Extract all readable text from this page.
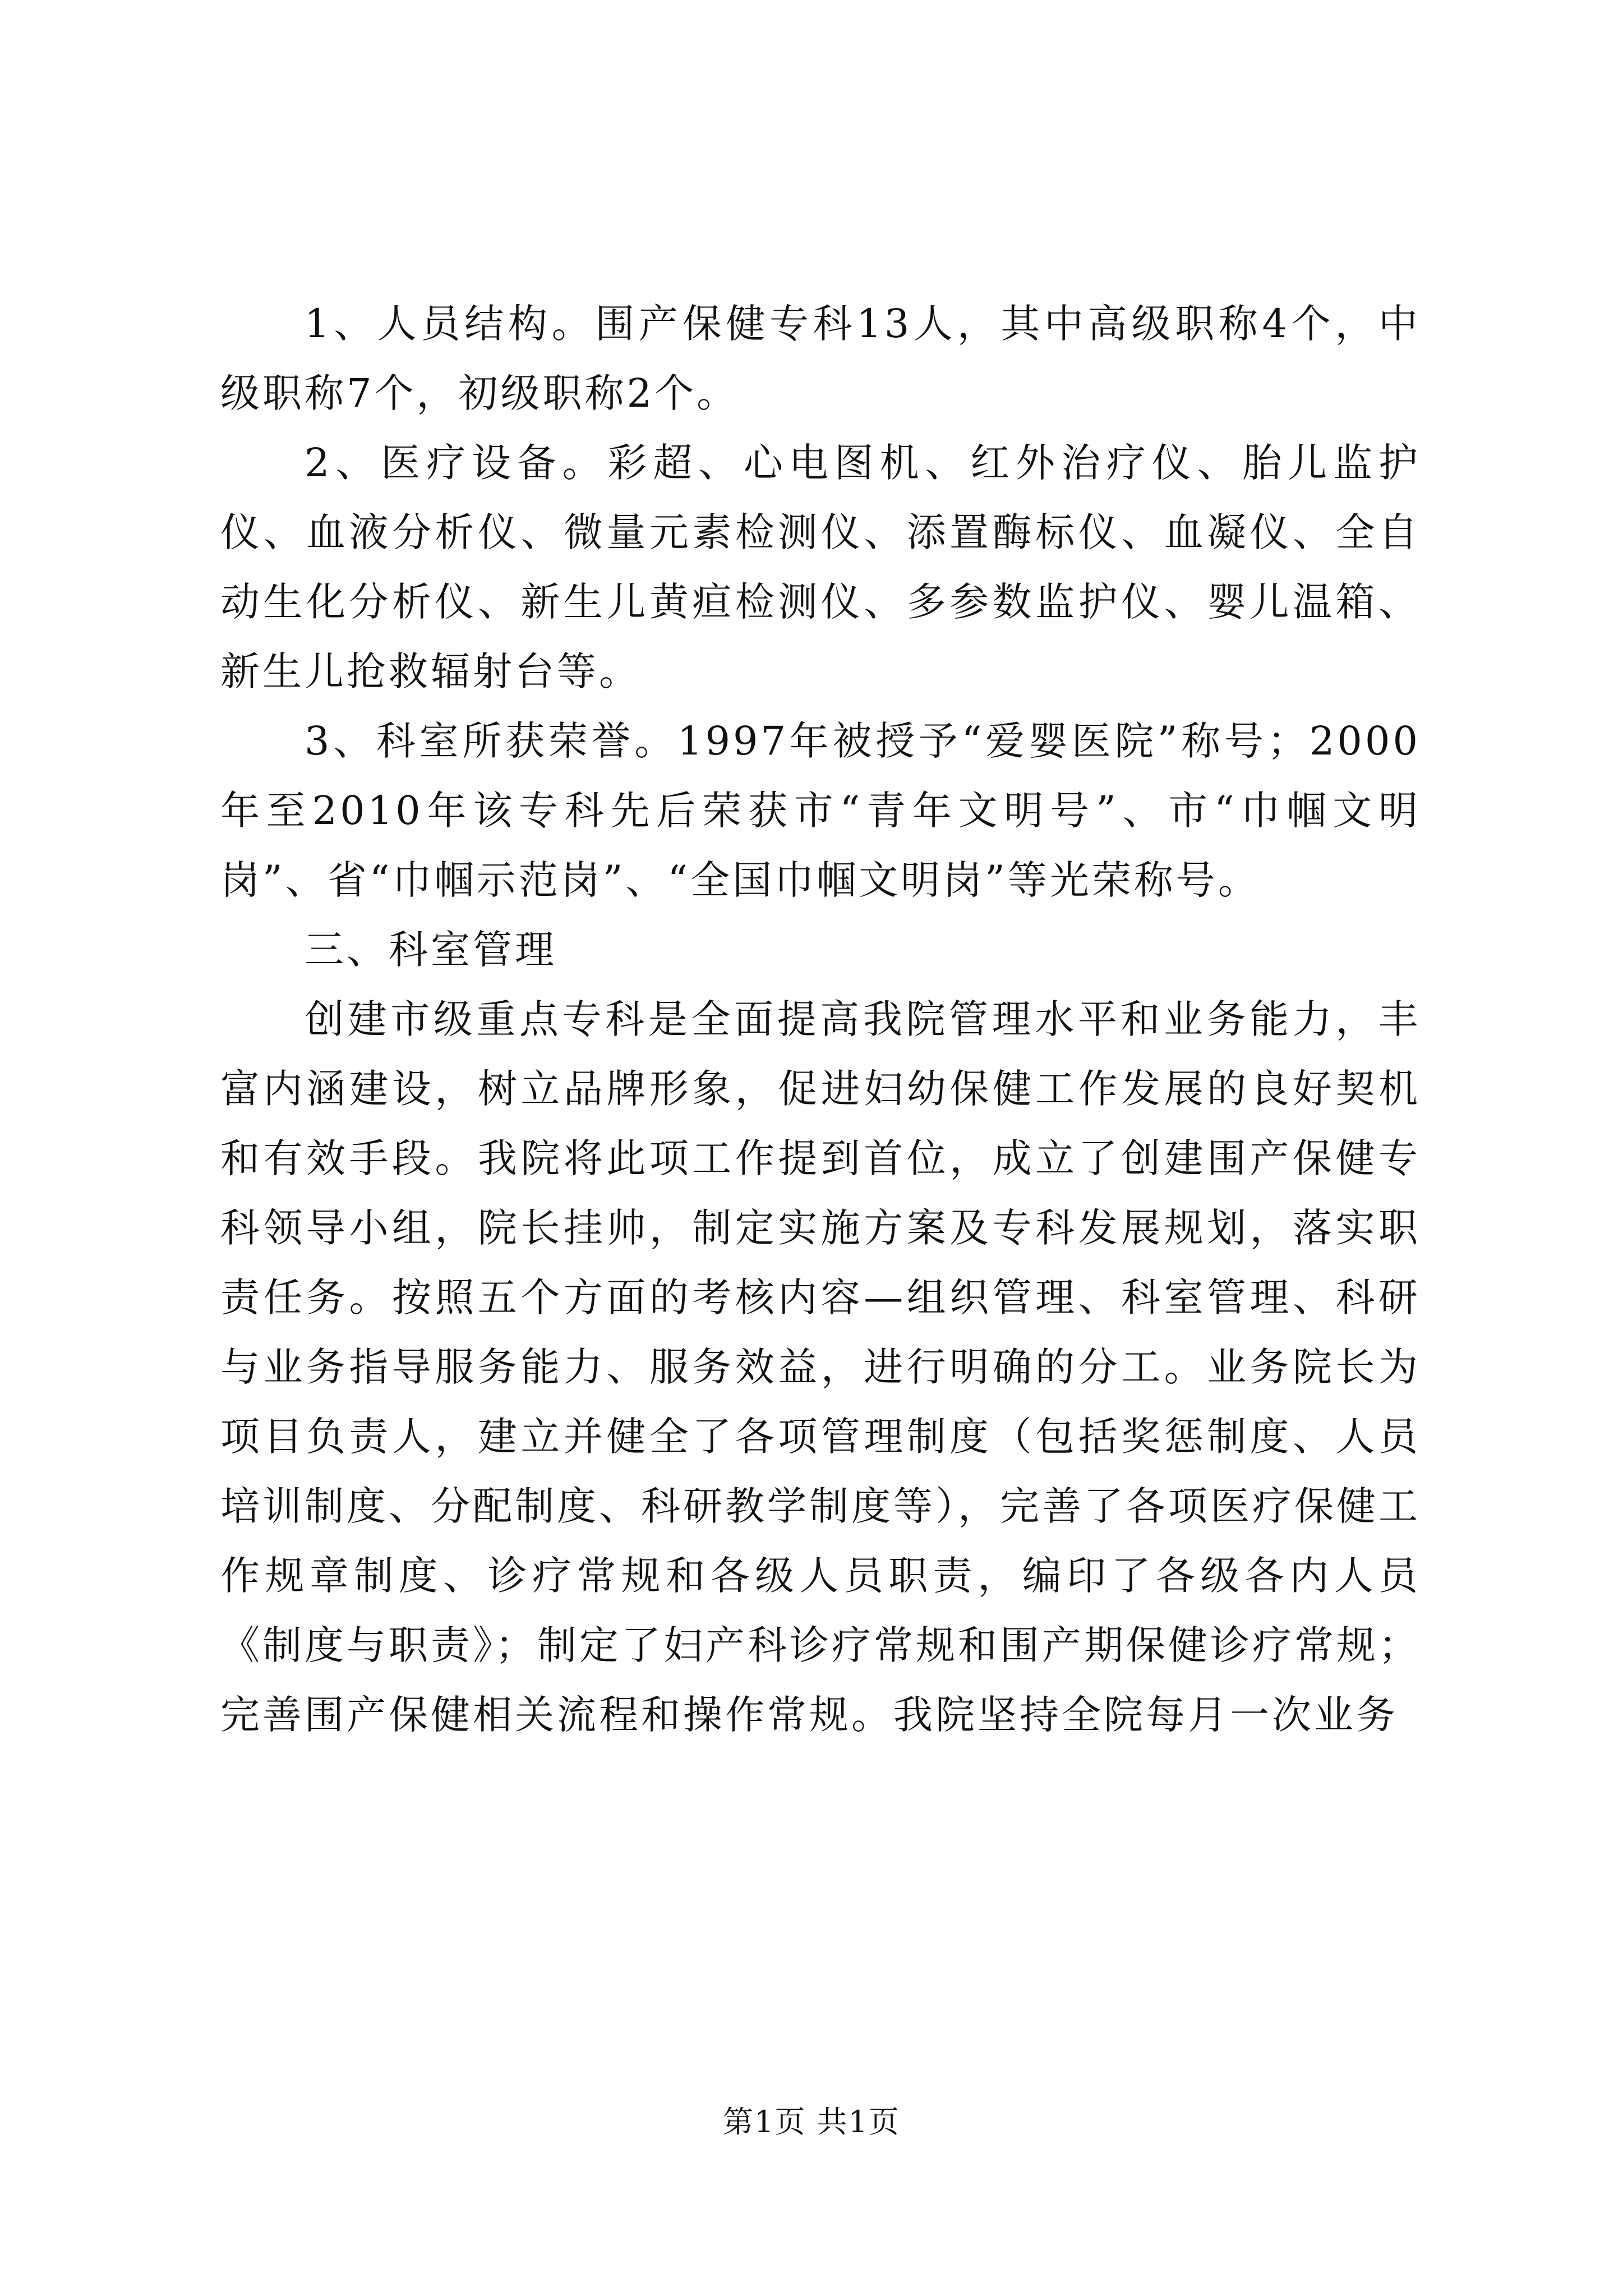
1、人员结构。围产保健专科13人，其中高级职称4个，中级职称7个，初级职称2个。

2、医疗设备。彩超、心电图机、红外治疗仪、胎儿监护仪、血液分析仪、微量元素检测仪、添置酶标仪、血凝仪、全自动生化分析仪、新生儿黄疸检测仪、多参数监护仪、婴儿温箱、新生儿抢救辐射台等。

3、科室所获荣誉。1997年被授予“爱婴医院”称号；2000年至2010年该专科先后荣获市“青年文明号”、市“巾帼文明岗”、省“巾帼示范岗”、“全国巾帼文明岗”等光荣称号。

三、科室管理

创建市级重点专科是全面提高我院管理水平和业务能力，丰富内涵建设，树立品牌形象，促进妇幼保健工作发展的良好契机和有效手段。我院将此项工作提到首位，成立了创建围产保健专科领导小组，院长挂帅，制定实施方案及专科发展规划，落实职责任务。按照五个方面的考核内容—组织管理、科室管理、科研与业务指导服务能力、服务效益，进行明确的分工。业务院长为项目负责人，建立并健全了各项管理制度（包括奖惩制度、人员培训制度、分配制度、科研教学制度等），完善了各项医疗保健工作规章制度、诊疗常规和各级人员职责，编印了各级各内人员《制度与职责》；制定了妇产科诊疗常规和围产期保健诊疗常规；完善围产保健相关流程和操作常规。我院坚持全院每月一次业务

第1页 共1页
